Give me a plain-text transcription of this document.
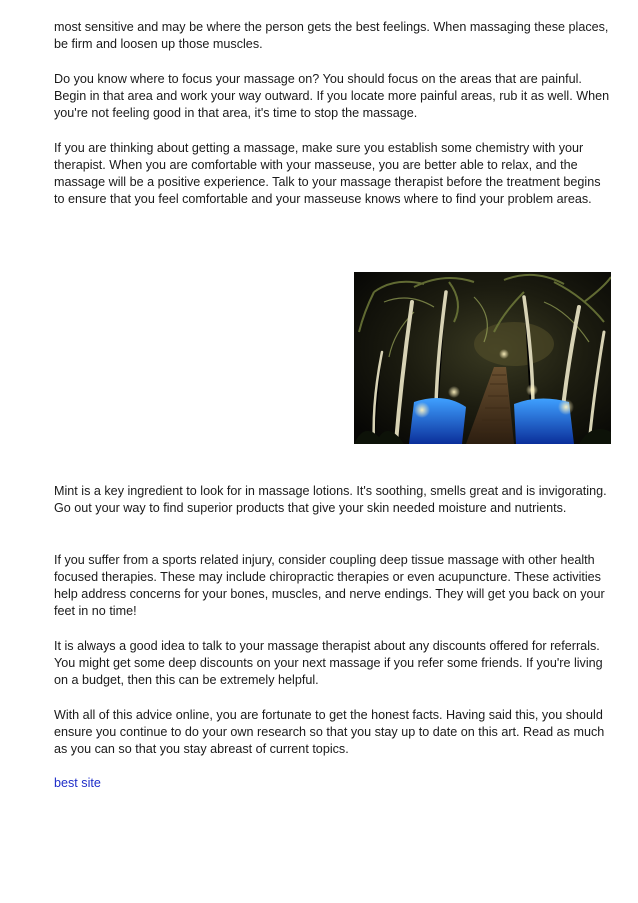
most sensitive and may be where the person gets the best feelings. When massaging these places, be firm and loosen up those muscles.

Do you know where to focus your massage on? You should focus on the areas that are painful. Begin in that area and work your way outward. If you locate more painful areas, rub it as well. When you're not feeling good in that area, it's time to stop the massage.

If you are thinking about getting a massage, make sure you establish some chemistry with your therapist. When you are comfortable with your masseuse, you are better able to relax, and the massage will be a positive experience. Talk to your massage therapist before the treatment begins to ensure that you feel comfortable and your masseuse knows where to find your problem areas.

Mint is a key ingredient to look for in massage lotions. It's soothing, smells great and is invigorating. Go out your way to find superior products that give your skin needed moisture and nutrients.

If you suffer from a sports related injury, consider coupling deep tissue massage with other health focused therapies. These may include chiropractic therapies or even acupuncture. These activities help address concerns for your bones, muscles, and nerve endings. They will get you back on your feet in no time!

It is always a good idea to talk to your massage therapist about any discounts offered for referrals. You might get some deep discounts on your next massage if you refer some friends. If you're living on a budget, then this can be extremely helpful.

With all of this advice online, you are fortunate to get the honest facts. Having said this, you should ensure you continue to do your own research so that you stay up to date on this art. Read as much as you can so that you stay abreast of current topics.

best site
